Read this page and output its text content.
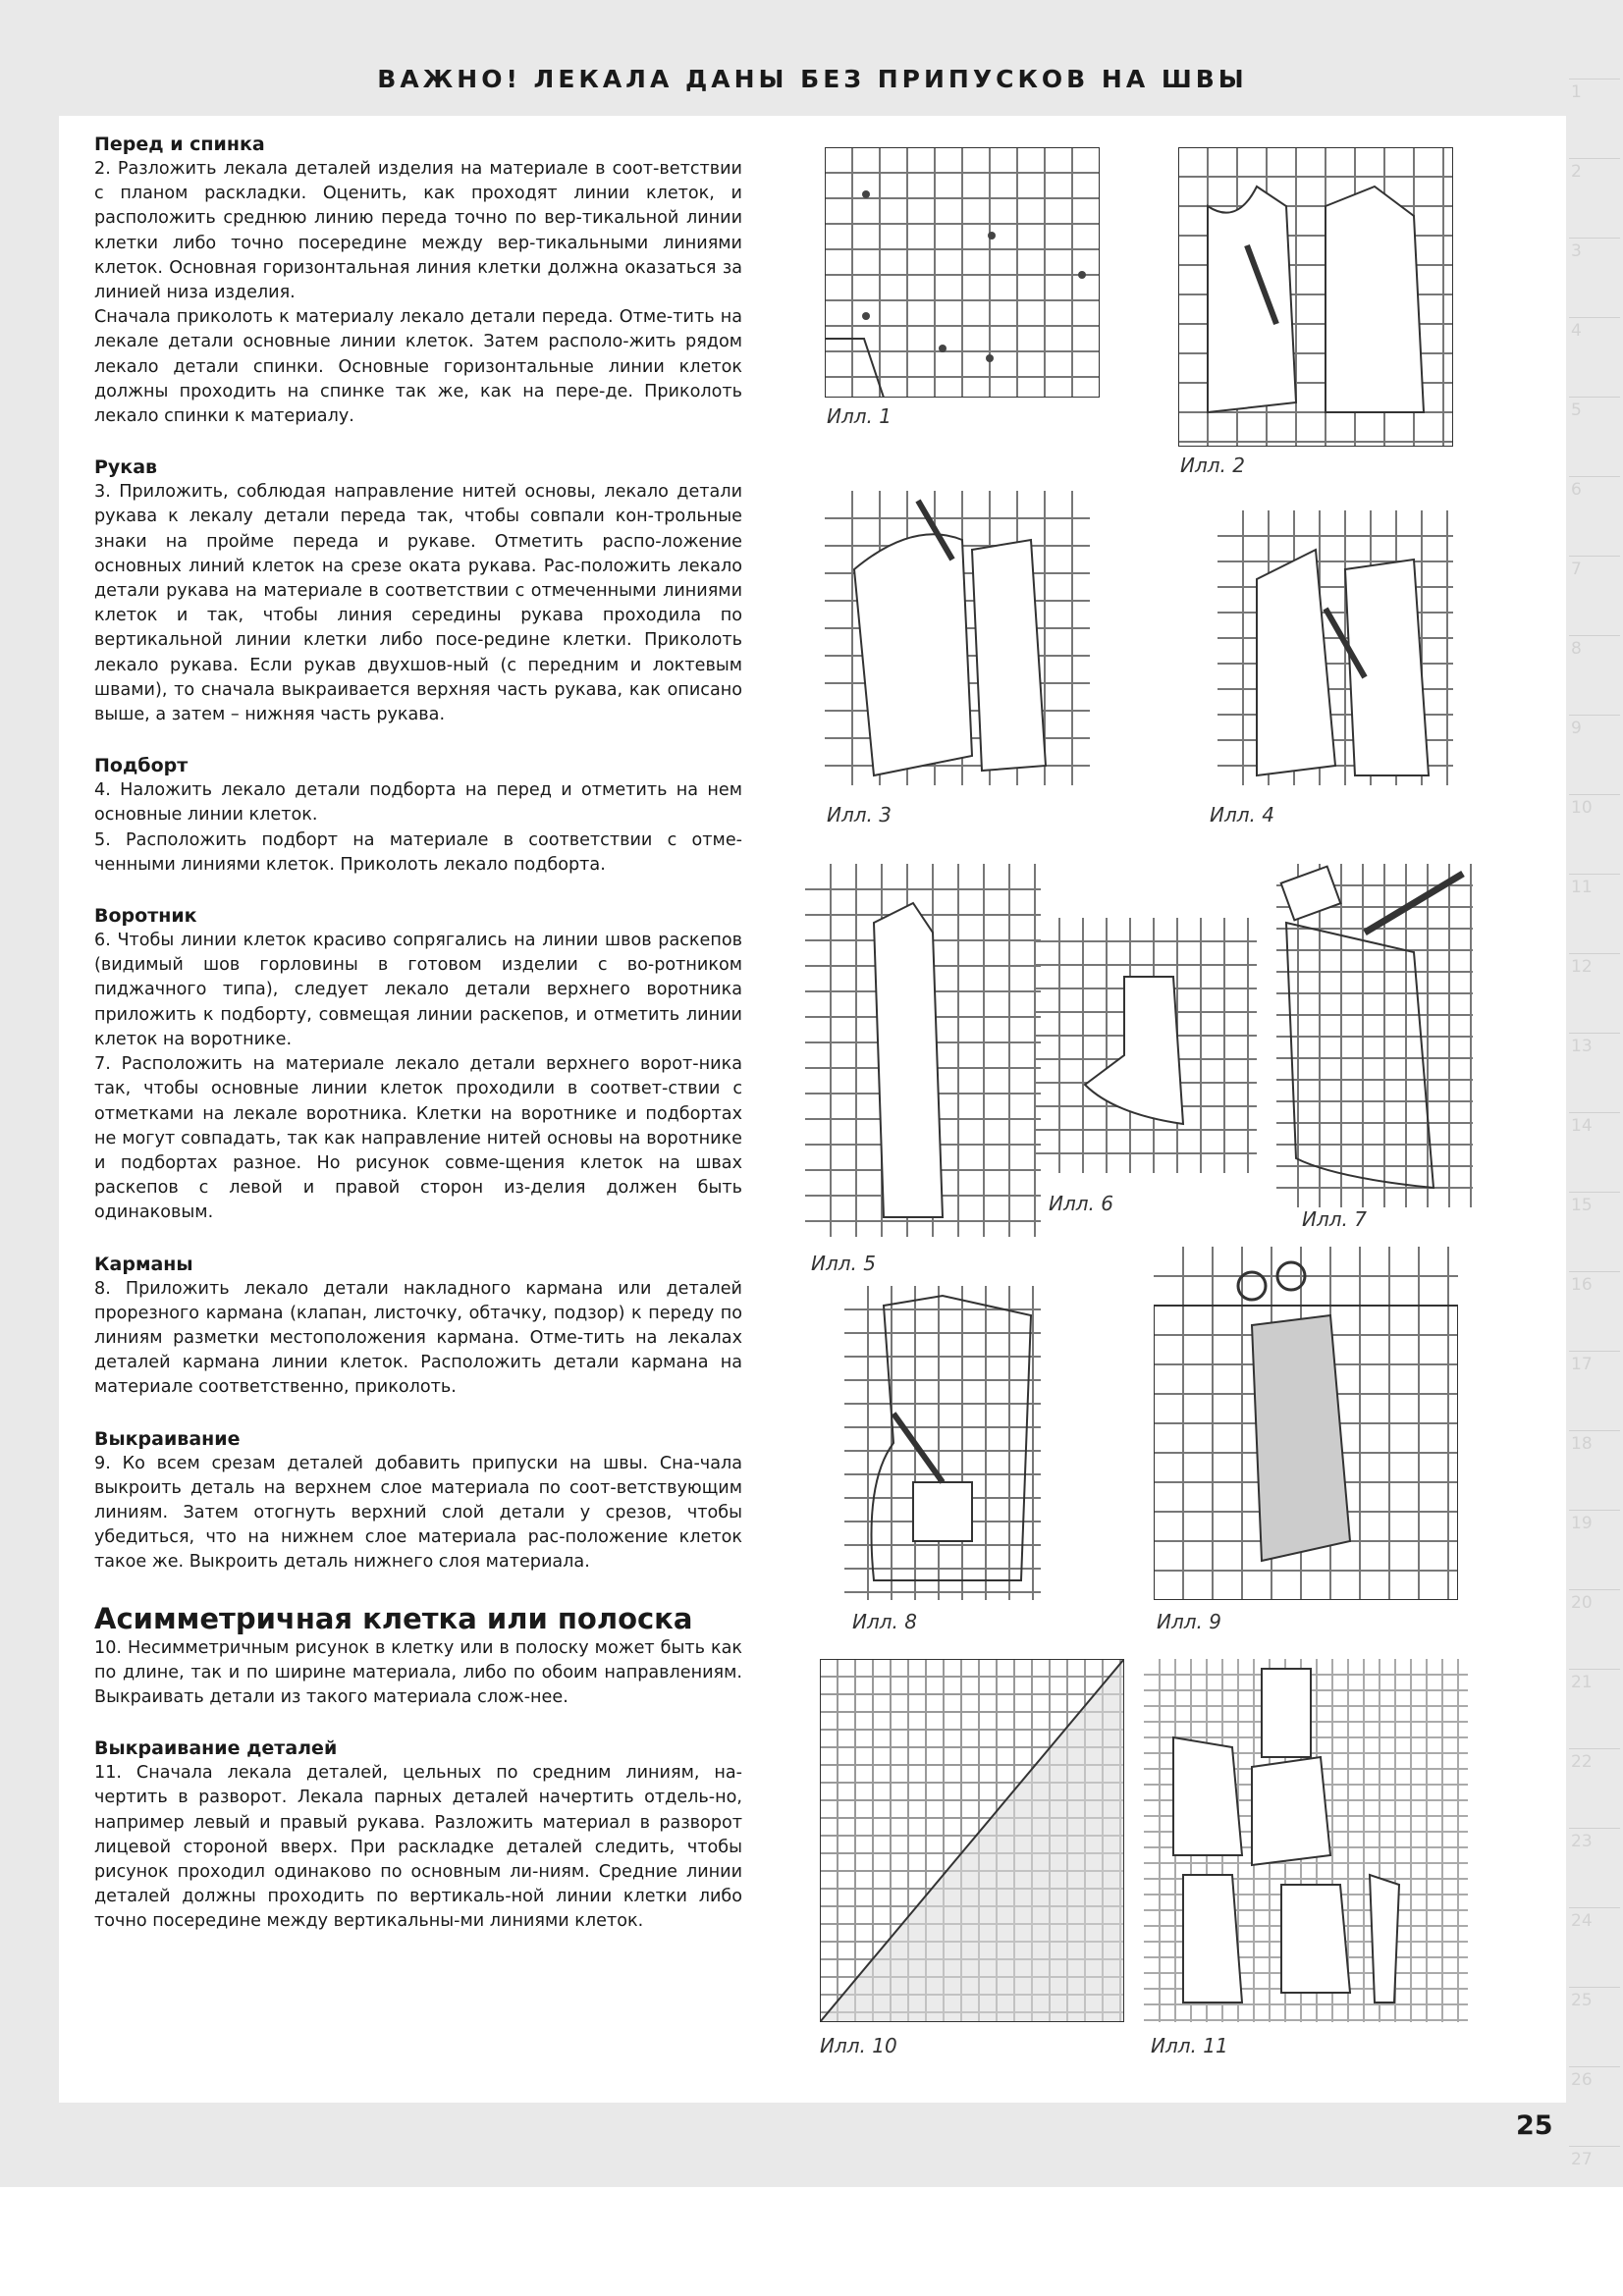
ВАЖНО! ЛЕКАЛА ДАНЫ БЕЗ ПРИПУСКОВ НА ШВЫ	1
2
3
4
5
6
7
8
9
10
11
12
13
14
15
16
17
18
19
20
21
22
23
24
25
26
27
Перед и спинка

2. Разложить лекала деталей изделия на материале в соот-ветствии с планом раскладки. Оценить, как проходят линии клеток, и расположить среднюю линию переда точно по вер-тикальной линии клетки либо точно посередине между вер-тикальными линиями клеток. Основная горизонтальная линия клетки должна оказаться за линией низа изделия.

Сначала приколоть к материалу лекало детали переда. Отме-тить на лекале детали основные линии клеток. Затем располо-жить рядом лекало детали спинки. Основные горизонтальные линии клеток должны проходить на спинке так же, как на пере-де. Приколоть лекало спинки к материалу.

Рукав

3. Приложить, соблюдая направление нитей основы, лекало детали рукава к лекалу детали переда так, чтобы совпали кон-трольные знаки на пройме переда и рукаве. Отметить распо-ложение основных линий клеток на срезе оката рукава. Рас-положить лекало детали рукава на материале в соответствии с отмеченными линиями клеток и так, чтобы линия середины рукава проходила по вертикальной линии клетки либо посе-редине клетки. Приколоть лекало рукава. Если рукав двухшов-ный (с передним и локтевым швами), то сначала выкраивается верхняя часть рукава, как описано выше, а затем – нижняя часть рукава.

Подборт

4. Наложить лекало детали подборта на перед и отметить на нем основные линии клеток.

5. Расположить подборт на материале в соответствии с отме-ченными линиями клеток. Приколоть лекало подборта.

Воротник

6. Чтобы линии клеток красиво сопрягались на линии швов раскепов (видимый шов горловины в готовом изделии с во-ротником пиджачного типа), следует лекало детали верхнего воротника приложить к подборту, совмещая линии раскепов, и отметить линии клеток на воротнике.

7. Расположить на материале лекало детали верхнего ворот-ника так, чтобы основные линии клеток проходили в соответ-ствии с отметками на лекале воротника. Клетки на воротнике и подбортах не могут совпадать, так как направление нитей основы на воротнике и подбортах разное. Но рисунок совме-щения клеток на швах раскепов с левой и правой сторон из-делия должен быть одинаковым.

Карманы

8. Приложить лекало детали накладного кармана или деталей прорезного кармана (клапан, листочку, обтачку, подзор) к переду по линиям разметки местоположения кармана. Отме-тить на лекалах деталей кармана линии клеток. Расположить детали кармана на материале соответственно, приколоть.

Выкраивание

9. Ко всем срезам деталей добавить припуски на швы. Сна-чала выкроить деталь на верхнем слое материала по соот-ветствующим линиям. Затем отогнуть верхний слой детали у срезов, чтобы убедиться, что на нижнем слое материала рас-положение клеток такое же. Выкроить деталь нижнего слоя материала.

Асимметричная клетка или полоска

10. Несимметричным рисунок в клетку или в полоску может быть как по длине, так и по ширине материала, либо по обоим направлениям. Выкраивать детали из такого материала слож-нее.

Выкраивание деталей

11. Сначала лекала деталей, цельных по средним линиям, на-чертить в разворот. Лекала парных деталей начертить отдель-но, например левый и правый рукава. Разложить материал в разворот лицевой стороной вверх. При раскладке деталей следить, чтобы рисунок проходил одинаково по основным ли-ниям. Средние линии деталей должны проходить по вертикаль-ной линии клетки либо точно посередине между вертикальны-ми линиями клеток.

Илл. 1
Илл. 2
Илл. 3	Илл. 4
Илл. 5
Илл. 6
Илл. 7
Илл. 8	Илл. 9
Илл. 10	Илл. 11
25
